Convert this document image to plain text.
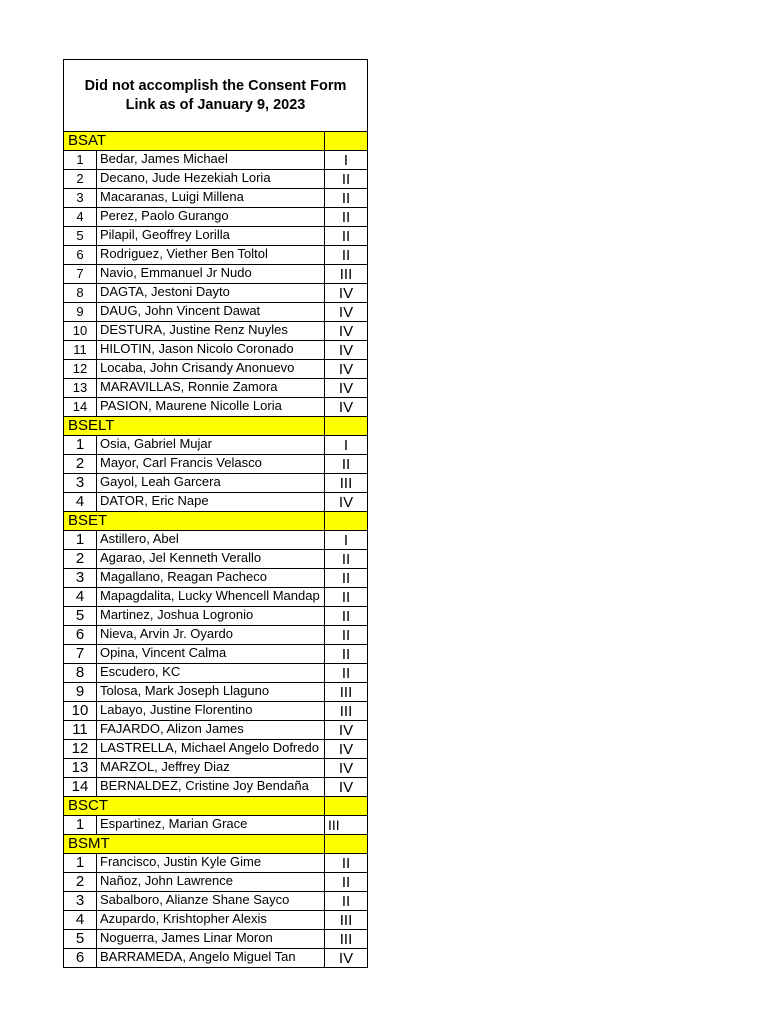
Did not accomplish the Consent Form
Link as of January 9, 2023
BSAT
1	Bedar, James Michael	I
2	Decano, Jude Hezekiah Loria	II
3	Macaranas, Luigi Millena	II
4	Perez, Paolo Gurango	II
5	Pilapil, Geoffrey Lorilla	II
6	Rodriguez, Viether Ben Toltol	II
7	Navio, Emmanuel Jr Nudo	III
8	DAGTA, Jestoni Dayto	IV
9	DAUG, John Vincent Dawat	IV
10 DESTURA, Justine Renz Nuyles	IV
11	HILOTIN, Jason Nicolo Coronado	IV
12 Locaba, John Crisandy Anonuevo	IV
13 MARAVILLAS, Ronnie Zamora	IV
14 PASION, Maurene Nicolle Loria	IV
BSELT
1	Osia, Gabriel Mujar	I
2	Mayor, Carl Francis Velasco	II
3	Gayol, Leah Garcera	III
4	DATOR, Eric Nape	IV
BSET
1	Astillero, Abel	I
2	Agarao, Jel Kenneth Verallo	II
3	Magallano, Reagan Pacheco	II
4	Mapagdalita, Lucky Whencell Mandap	II
5	Martinez, Joshua Logronio	II
6	Nieva, Arvin Jr. Oyardo	II
7	Opina, Vincent Calma	II
8	Escudero, KC	II
9	Tolosa, Mark Joseph Llaguno	III
10 Labayo, Justine Florentino	III
11 FAJARDO, Alizon James	IV
12 LASTRELLA, Michael Angelo Dofredo	IV
13 MARZOL, Jeffrey Diaz	IV
14 BERNALDEZ, Cristine Joy Bendaña	IV
BSCT
1	Espartinez, Marian Grace	III
BSMT
1	Francisco, Justin Kyle Gime	II
2	Nañoz, John Lawrence	II
3	Sabalboro, Alianze Shane Sayco	II
4	Azupardo, Krishtopher Alexis	III
5	Noguerra, James Linar Moron	III
6	BARRAMEDA, Angelo Miguel Tan	IV
